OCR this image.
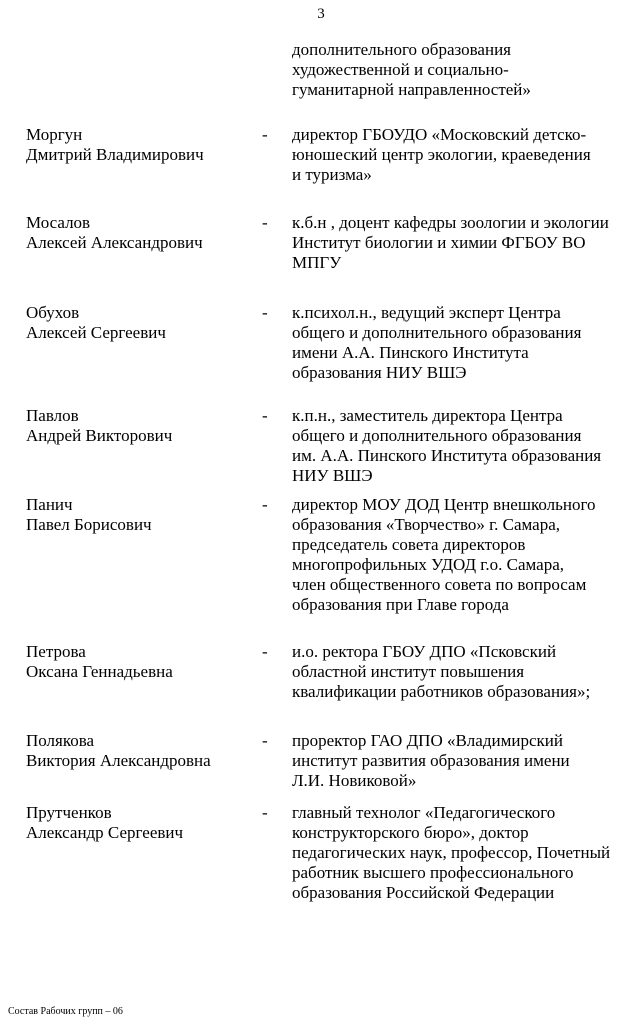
3
дополнительного образования
художественной и социально-
гуманитарной направленностей»
Моргун
Дмитрий Владимирович
- директор ГБОУДО «Московский детско-
юношеский центр экологии, краеведения
и туризма»
Мосалов
Алексей Александрович
- к.б.н , доцент кафедры зоологии и экологии
Институт биологии и химии ФГБОУ ВО
МПГУ
Обухов
Алексей Сергеевич
- к.психол.н., ведущий эксперт Центра
общего и дополнительного образования
имени А.А. Пинского Института
образования НИУ ВШЭ
Павлов
Андрей Викторович
- к.п.н., заместитель директора Центра
общего и дополнительного образования
им. А.А. Пинского Института образования
НИУ ВШЭ
Панич
Павел Борисович
- директор МОУ ДОД Центр внешкольного
образования «Творчество» г. Самара,
председатель совета директоров
многопрофильных УДОД г.о. Самара,
член общественного совета по вопросам
образования при Главе города
Петрова
Оксана Геннадьевна
- и.о. ректора ГБОУ ДПО «Псковский
областной институт повышения
квалификации работников образования»;
Полякова
Виктория Александровна
- проректор ГАО ДПО «Владимирский
институт развития образования имени
Л.И. Новиковой»
Прутченков
Александр Сергеевич
- главный технолог «Педагогического
конструкторского бюро», доктор
педагогических наук, профессор, Почетный
работник высшего профессионального
образования Российской Федерации
Состав Рабочих групп – 06
